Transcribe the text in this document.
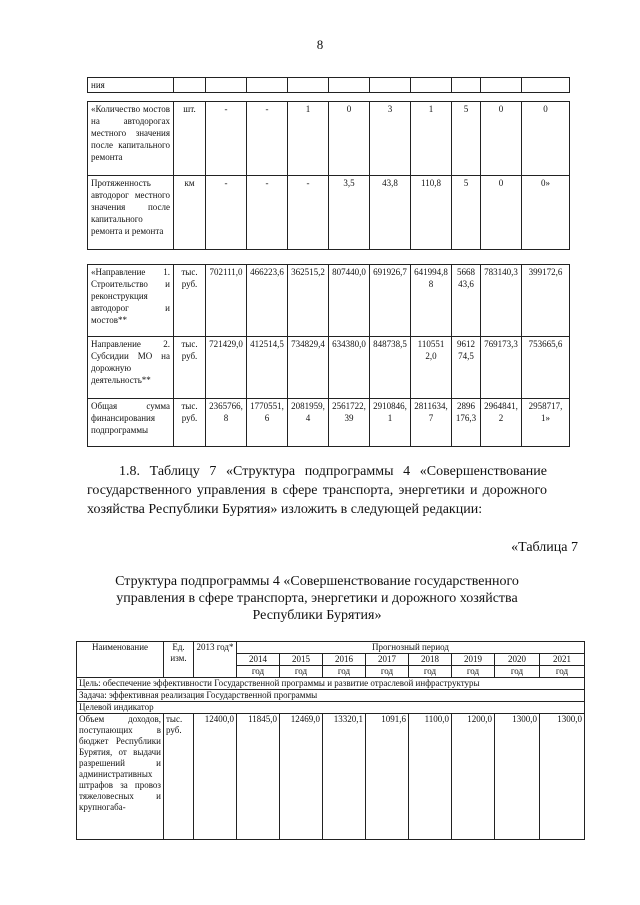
8
ния										
«Количество мостов на автодорогах местного значения после капитального ремонта	шт.	-	-	1	0	3	1	5	0	0
Протяженность автодорог местного значения после капитального ремонта и ремонта	км	-	-	-	3,5	43,8	110,8	5	0	0»
«Направление 1. Строительство и реконструкция автодорог и мостов**	тыс. руб.	702111,0	466223,6	362515,2	807440,0	691926,7	641994,88	566843,6	783140,3	399172,6
Направление 2. Субсидии МО на дорожную деятельность**	тыс. руб.	721429,0	412514,5	734829,4	634380,0	848738,5	110551 2,0	961274,5	769173,3	753665,6
Общая сумма финансирования подпрограммы	тыс. руб.	2365766,8	1770551,6	2081959,4	2561722,39	2910846,1	2811634,7	2896176,3	2964841,2	2958717,1»
1.8. Таблицу 7 «Структура подпрограммы 4 «Совершенствование государственного управления в сфере транспорта, энергетики и дорожного хозяйства Республики Бурятия» изложить в следующей редакции:
«Таблица 7
Структура подпрограммы 4 «Совершенствование государственного управления в сфере транспорта, энергетики и дорожного хозяйства Республики Бурятия»
Наименование	Ед. изм.	2013 год*	Прогнозный период							
			2014	2015	2016	2017	2018	2019	2020	2021
			год	год	год	год	год	год	год	год
Цель: обеспечение эффективности Государственной программы и развитие отраслевой инфраструктуры										
Задача: эффективная реализация Государственной программы										
Целевой индикатор										
Объем доходов, поступающих в бюджет Республики Бурятия, от выдачи разрешений и административных штрафов за провоз тяжеловесных и крупногаба-	тыс. руб.	12400,0	11845,0	12469,0	13320,1	1091,6	1100,0	1200,0	1300,0	1300,0
